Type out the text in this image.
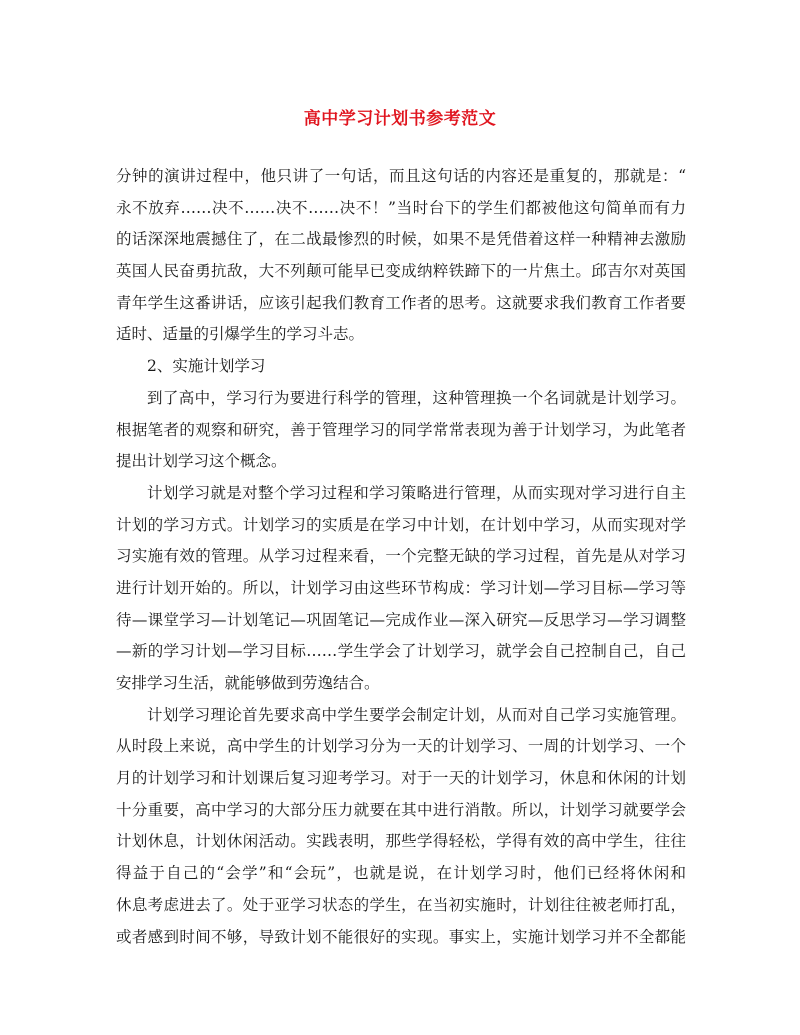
高中学习计划书参考范文
分钟的演讲过程中，他只讲了一句话，而且这句话的内容还是重复的，那就是：“
永不放弃……决不……决不……决不！”当时台下的学生们都被他这句简单而有力
的话深深地震撼住了，在二战最惨烈的时候，如果不是凭借着这样一种精神去激励
英国人民奋勇抗敌，大不列颠可能早已变成纳粹铁蹄下的一片焦土。邱吉尔对英国
青年学生这番讲话，应该引起我们教育工作者的思考。这就要求我们教育工作者要
适时、适量的引爆学生的学习斗志。
2、实施计划学习
到了高中，学习行为要进行科学的管理，这种管理换一个名词就是计划学习。
根据笔者的观察和研究，善于管理学习的同学常常表现为善于计划学习，为此笔者
提出计划学习这个概念。
计划学习就是对整个学习过程和学习策略进行管理，从而实现对学习进行自主
计划的学习方式。计划学习的实质是在学习中计划，在计划中学习，从而实现对学
习实施有效的管理。从学习过程来看，一个完整无缺的学习过程，首先是从对学习
进行计划开始的。所以，计划学习由这些环节构成：学习计划—学习目标—学习等
待—课堂学习—计划笔记—巩固笔记—完成作业—深入研究—反思学习—学习调整
—新的学习计划—学习目标……学生学会了计划学习，就学会自己控制自己，自己
安排学习生活，就能够做到劳逸结合。
计划学习理论首先要求高中学生要学会制定计划，从而对自己学习实施管理。
从时段上来说，高中学生的计划学习分为一天的计划学习、一周的计划学习、一个
月的计划学习和计划课后复习迎考学习。对于一天的计划学习，休息和休闲的计划
十分重要，高中学习的大部分压力就要在其中进行消散。所以，计划学习就要学会
计划休息，计划休闲活动。实践表明，那些学得轻松，学得有效的高中学生，往往
得益于自己的“会学”和“会玩”，也就是说，在计划学习时，他们已经将休闲和
休息考虑进去了。处于亚学习状态的学生，在当初实施时，计划往往被老师打乱，
或者感到时间不够，导致计划不能很好的实现。事实上，实施计划学习并不全都能
